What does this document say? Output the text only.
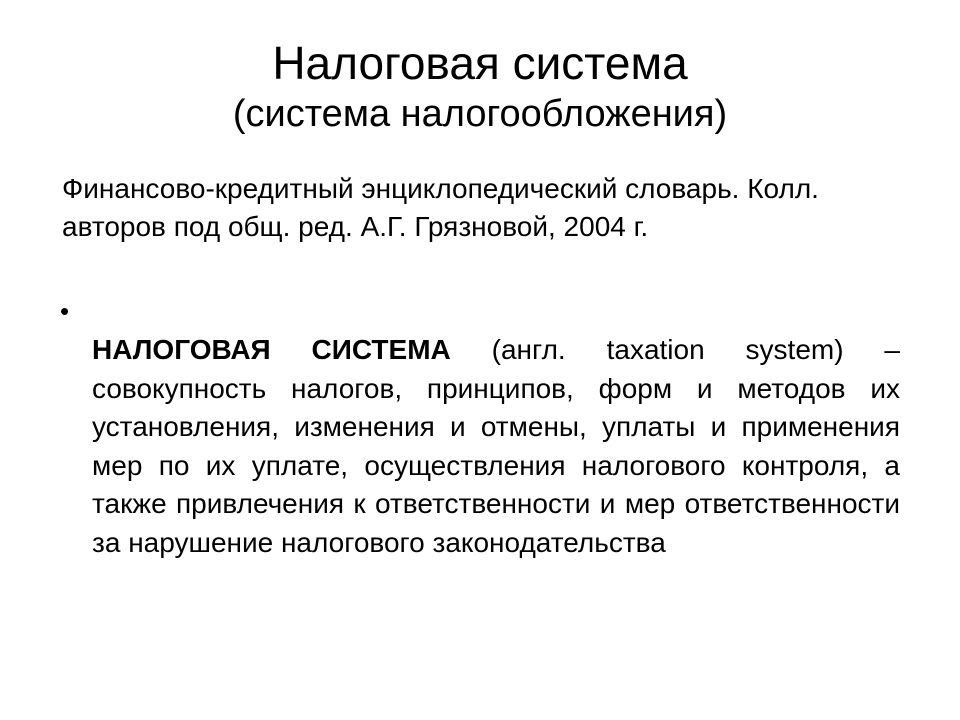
Налоговая система
(система налогообложения)
Финансово-кредитный энциклопедический словарь. Колл. авторов под общ. ред. А.Г. Грязновой, 2004 г.
•
НАЛОГОВАЯ СИСТЕМА (англ. taxation system) – совокупность налогов, принципов, форм и методов их установления, изменения и отмены, уплаты и применения мер по их уплате, осуществления налогового контроля, а также привлечения к ответственности и мер ответственности за нарушение налогового законодательства
